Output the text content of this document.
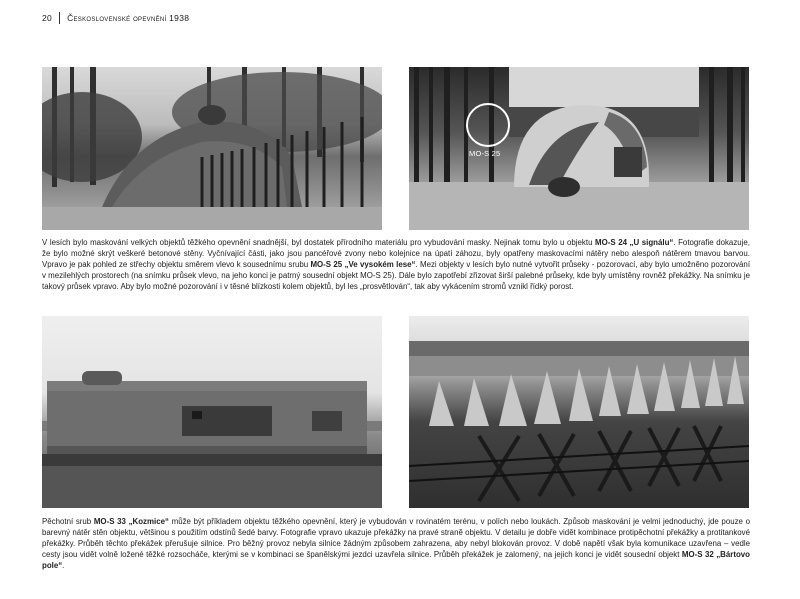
20 Československé opevnění 1938
MO-S 25
V lesích bylo maskování velkých objektů těžkého opevnění snadnější, byl dostatek přírodního materiálu pro vybudování masky. Nejinak tomu bylo u objektu MO-S 24 „U signálu“. Fotografie dokazuje, že bylo možné skrýt veškeré betonové stěny. Vyčnívající části, jako jsou pancéřové zvony nebo kolejnice na úpatí záhozu, byly opatřeny maskovacími nátěry nebo alespoň nátěrem tmavou barvou. Vpravo je pak pohled ze střechy objektu směrem vlevo k sousednímu srubu MO-S 25 „Ve vysokém lese“. Mezi objekty v lesích bylo nutné vytvořit průseky - pozorovací, aby bylo umožněno pozorování v mezilehlých prostorech (na snímku průsek vlevo, na jeho konci je patrný sousední objekt MO-S 25). Dále bylo zapotřebí zřizovat širší palebné průseky, kde byly umístěny rovněž překážky. Na snímku je takový průsek vpravo. Aby bylo možné pozorování i v těsné blízkosti kolem objektů, byl les „prosvětlován“, tak aby vykácením stromů vznikl řídký porost.
Pěchotní srub MO-S 33 „Kozmice“ může být příkladem objektu těžkého opevnění, který je vybudován v rovinatém terénu, v polích nebo loukách. Způsob maskování je velmi jednoduchý, jde pouze o barevný nátěr stěn objektu, většinou s použitím odstínů šedé barvy. Fotografie vpravo ukazuje překážky na pravé straně objektu. V detailu je dobře vidět kombinace protipěchotní překážky a protitankové překážky. Průběh těchto překážek přerušuje silnice. Pro běžný provoz nebyla silnice žádným způsobem zahrazena, aby nebyl blokován provoz. V době napětí však byla komunikace uzavřena – vedle cesty jsou vidět volně ložené těžké rozsocháče, kterými se v kombinaci se španělskými jezdci uzavřela silnice. Průběh překážek je zalomený, na jejich konci je vidět sousední objekt MO-S 32 „Bártovo pole“.
